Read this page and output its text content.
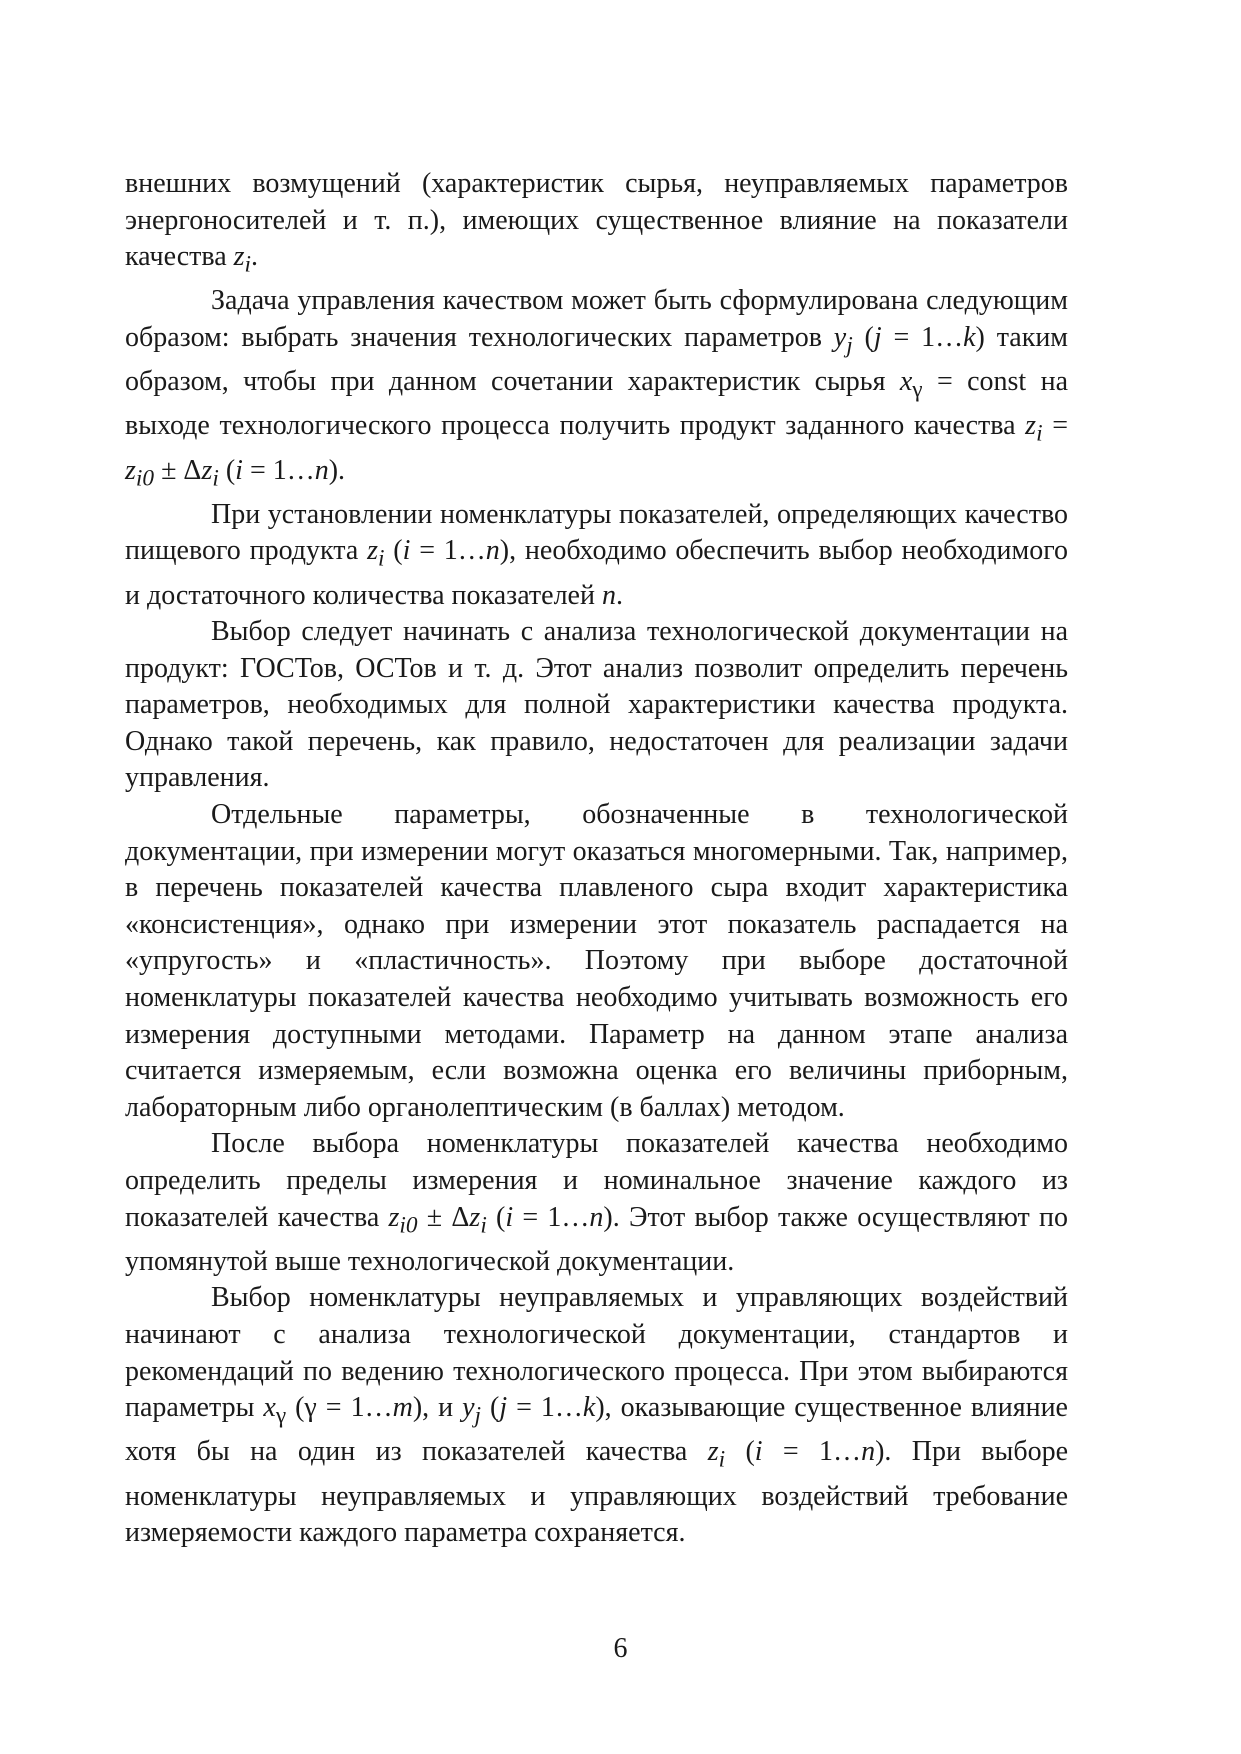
внешних возмущений (характеристик сырья, неуправляемых параметров энергоносителей и т. п.), имеющих существенное влияние на показатели качества $z_i$.

Задача управления качеством может быть сформулирована следующим образом: выбрать значения технологических параметров $y_j$ (j = 1…k) таким образом, чтобы при данном сочетании характеристик сырья $x_\gamma$ = const на выходе технологического процесса получить продукт заданного качества $z_i = z_{i0} \pm \Delta z_i$ (i = 1…n).

При установлении номенклатуры показателей, определяющих качество пищевого продукта $z_i$ (i = 1…n), необходимо обеспечить выбор необходимого и достаточного количества показателей n.

Выбор следует начинать с анализа технологической документации на продукт: ГОСТов, ОСТов и т. д. Этот анализ позволит определить перечень параметров, необходимых для полной характеристики качества продукта. Однако такой перечень, как правило, недостаточен для реализации задачи управления.

Отдельные параметры, обозначенные в технологической документации, при измерении могут оказаться многомерными. Так, например, в перечень показателей качества плавленого сыра входит характеристика «консистенция», однако при измерении этот показатель распадается на «упругость» и «пластичность». Поэтому при выборе достаточной номенклатуры показателей качества необходимо учитывать возможность его измерения доступными методами. Параметр на данном этапе анализа считается измеряемым, если возможна оценка его величины приборным, лабораторным либо органолептическим (в баллах) методом.

После выбора номенклатуры показателей качества необходимо определить пределы измерения и номинальное значение каждого из показателей качества $z_{i0} \pm \Delta z_i$ (i = 1…n). Этот выбор также осуществляют по упомянутой выше технологической документации.

Выбор номенклатуры неуправляемых и управляющих воздействий начинают с анализа технологической документации, стандартов и рекомендаций по ведению технологического процесса. При этом выбираются параметры $x_\gamma$ (γ = 1…m), и $y_j$ (j = 1…k), оказывающие существенное влияние хотя бы на один из показателей качества $z_i$ (i = 1…n). При выборе номенклатуры неуправляемых и управляющих воздействий требование измеряемости каждого параметра сохраняется.

6
